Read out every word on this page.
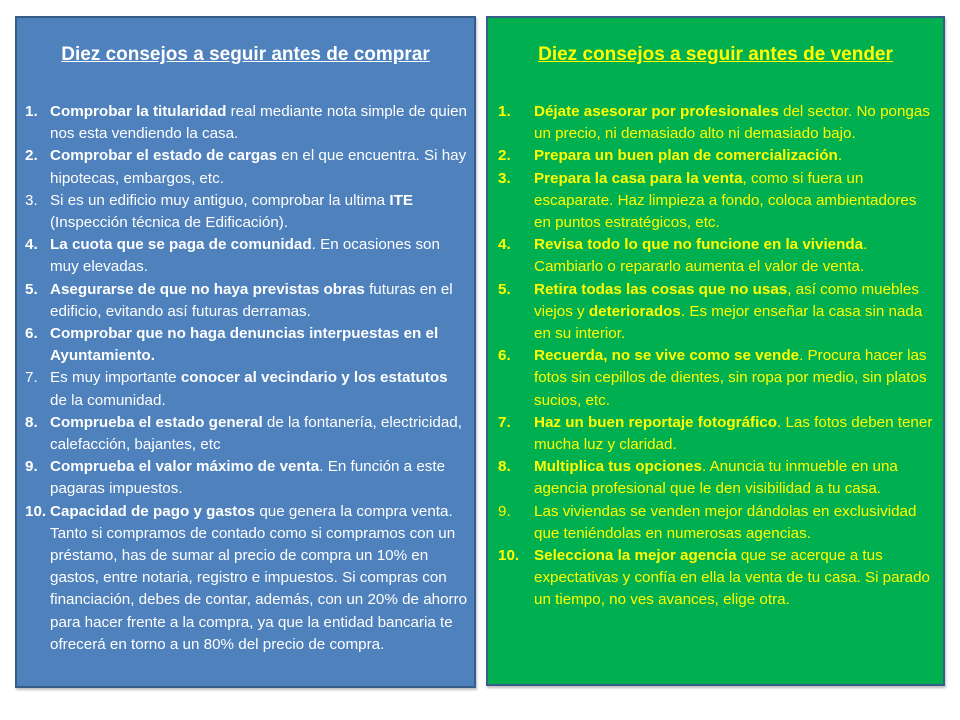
Diez consejos a seguir antes de comprar
1. Comprobar la titularidad real mediante nota simple de quien nos esta vendiendo la casa.
2. Comprobar el estado de cargas en el que encuentra. Si hay hipotecas, embargos, etc.
3. Si es un edificio muy antiguo, comprobar la ultima ITE (Inspección técnica de Edificación).
4. La cuota que se paga de comunidad. En ocasiones son muy elevadas.
5. Asegurarse de que no haya previstas obras futuras en el edificio, evitando así futuras derramas.
6. Comprobar que no haga denuncias interpuestas en el Ayuntamiento.
7. Es muy importante conocer al vecindario y los estatutos de la comunidad.
8. Comprueba el estado general de la fontanería, electricidad, calefacción, bajantes, etc
9. Comprueba el valor máximo de venta. En función a este pagaras impuestos.
10. Capacidad de pago y gastos que genera la compra venta. Tanto si compramos de contado como si compramos con un préstamo, has de sumar al precio de compra un 10% en gastos, entre notaria, registro e impuestos. Si compras con financiación, debes de contar, además, con un 20% de ahorro para hacer frente a la compra, ya que la entidad bancaria te ofrecerá en torno a un 80% del precio de compra.
Diez consejos a seguir antes de vender
1.	Déjate asesorar por profesionales del sector. No pongas un precio, ni demasiado alto ni demasiado bajo.
2.	Prepara un buen plan de comercialización.
3.	Prepara la casa para la venta, como si fuera un escaparate. Haz limpieza a fondo, coloca ambientadores en puntos estratégicos, etc.
4.	Revisa todo lo que no funcione en la vivienda. Cambiarlo o repararlo aumenta el valor de venta.
5.	Retira todas las cosas que no usas, así como muebles viejos y deteriorados. Es mejor enseñar la casa sin nada en su interior.
6.	Recuerda, no se vive como se vende. Procura hacer las fotos sin cepillos de dientes, sin ropa por medio, sin platos sucios, etc.
7.	Haz un buen reportaje fotográfico. Las fotos deben tener mucha luz y claridad.
8.	Multiplica tus opciones. Anuncia tu inmueble en una agencia profesional que le den visibilidad a tu casa.
9.	Las viviendas se venden mejor dándolas en exclusividad que teniéndolas en numerosas agencias.
10. Selecciona la mejor agencia que se acerque a tus expectativas y confía en ella la venta de tu casa. Si parado un tiempo, no ves avances, elige otra.
